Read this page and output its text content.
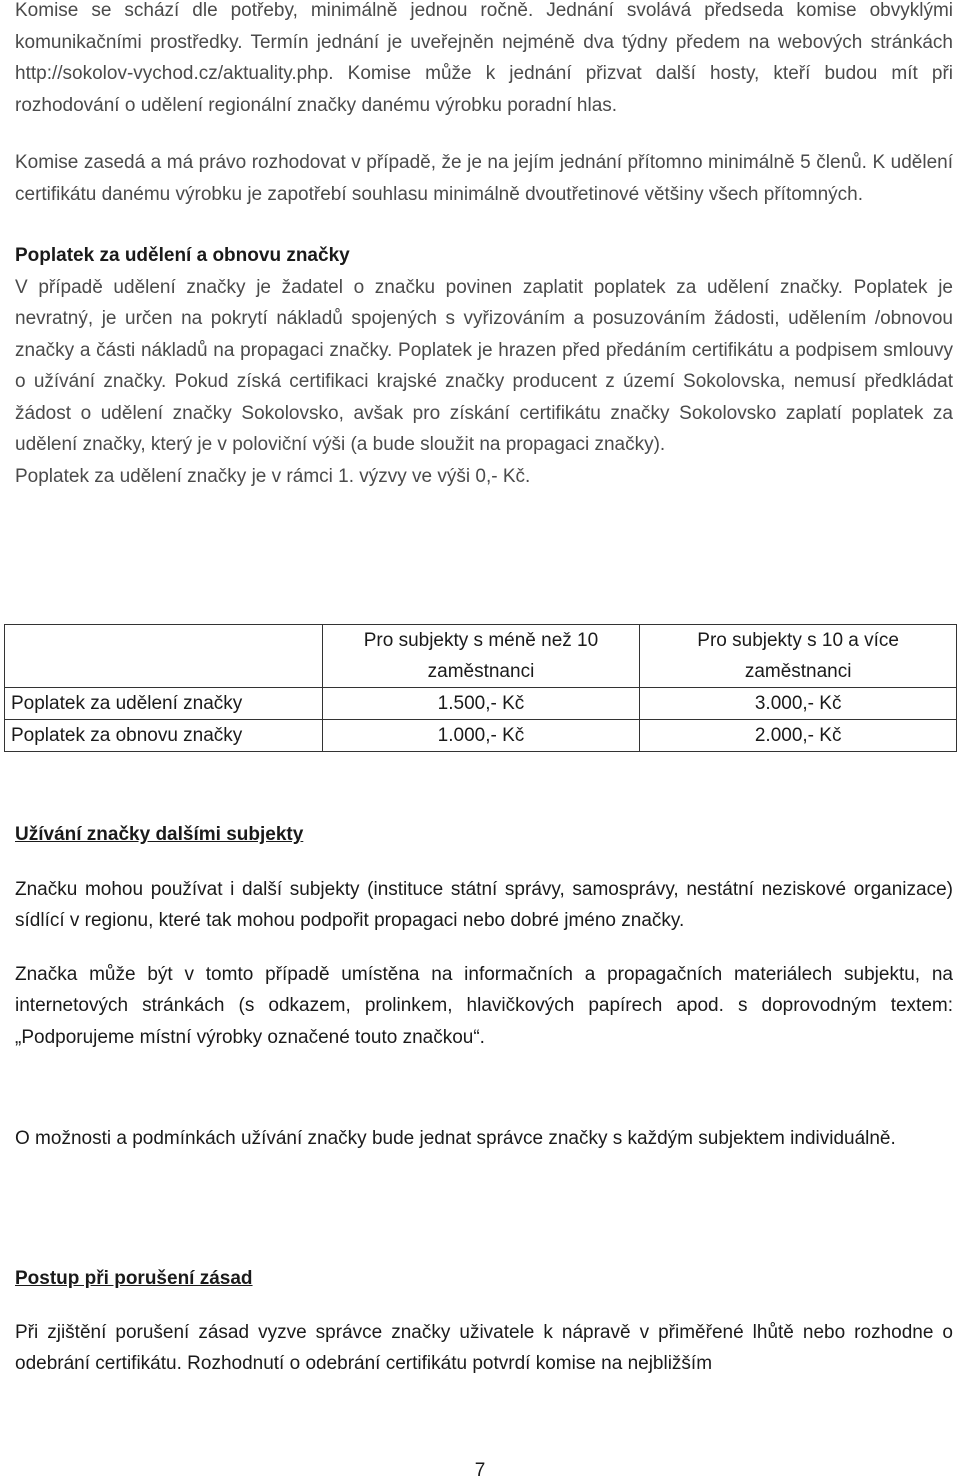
Komise se schází dle potřeby, minimálně jednou ročně. Jednání svolává předseda komise obvyklými komunikačními prostředky. Termín jednání je uveřejněn nejméně dva týdny předem na webových stránkách http://sokolov-vychod.cz/aktuality.php. Komise může k jednání přizvat další hosty, kteří budou mít při rozhodování o udělení regionální značky danému výrobku poradní hlas.

Komise zasedá a má právo rozhodovat v případě, že je na jejím jednání přítomno minimálně 5 členů. K udělení certifikátu danému výrobku je zapotřebí souhlasu minimálně dvoutřetinové většiny všech přítomných.

Poplatek za udělení a obnovu značky

V případě udělení značky je žadatel o značku povinen zaplatit poplatek za udělení značky. Poplatek je nevratný, je určen na pokrytí nákladů spojených s vyřizováním a posuzováním žádosti, udělením /obnovou značky a části nákladů na propagaci značky. Poplatek je hrazen před předáním certifikátu a podpisem smlouvy o užívání značky. Pokud získá certifikaci krajské značky producent z území Sokolovska, nemusí předkládat žádost o udělení značky Sokolovsko, avšak pro získání certifikátu značky Sokolovsko zaplatí poplatek za udělení značky, který je v poloviční výši (a bude sloužit na propagaci značky).

Poplatek za udělení značky je v rámci 1. výzvy ve výši 0,- Kč.

	Pro subjekty s méně než 10 zaměstnanci	Pro subjekty s 10 a více zaměstnanci
Poplatek za udělení značky	1.500,- Kč	3.000,- Kč
Poplatek za obnovu značky	1.000,- Kč	2.000,- Kč
Užívání značky dalšími subjekty

Značku mohou používat i další subjekty (instituce státní správy, samosprávy, nestátní neziskové organizace) sídlící v regionu, které tak mohou podpořit propagaci nebo dobré jméno značky.

Značka může být v tomto případě umístěna na informačních a propagačních materiálech subjektu, na internetových stránkách (s odkazem, prolinkem, hlavičkových papírech apod. s doprovodným textem: „Podporujeme místní výrobky označené touto značkou“.

O možnosti a podmínkách užívání značky bude jednat správce značky s každým subjektem individuálně.

Postup při porušení zásad

Při zjištění porušení zásad vyzve správce značky uživatele k nápravě v přiměřené lhůtě nebo rozhodne o odebrání certifikátu. Rozhodnutí o odebrání certifikátu potvrdí komise na nejbližším

7
